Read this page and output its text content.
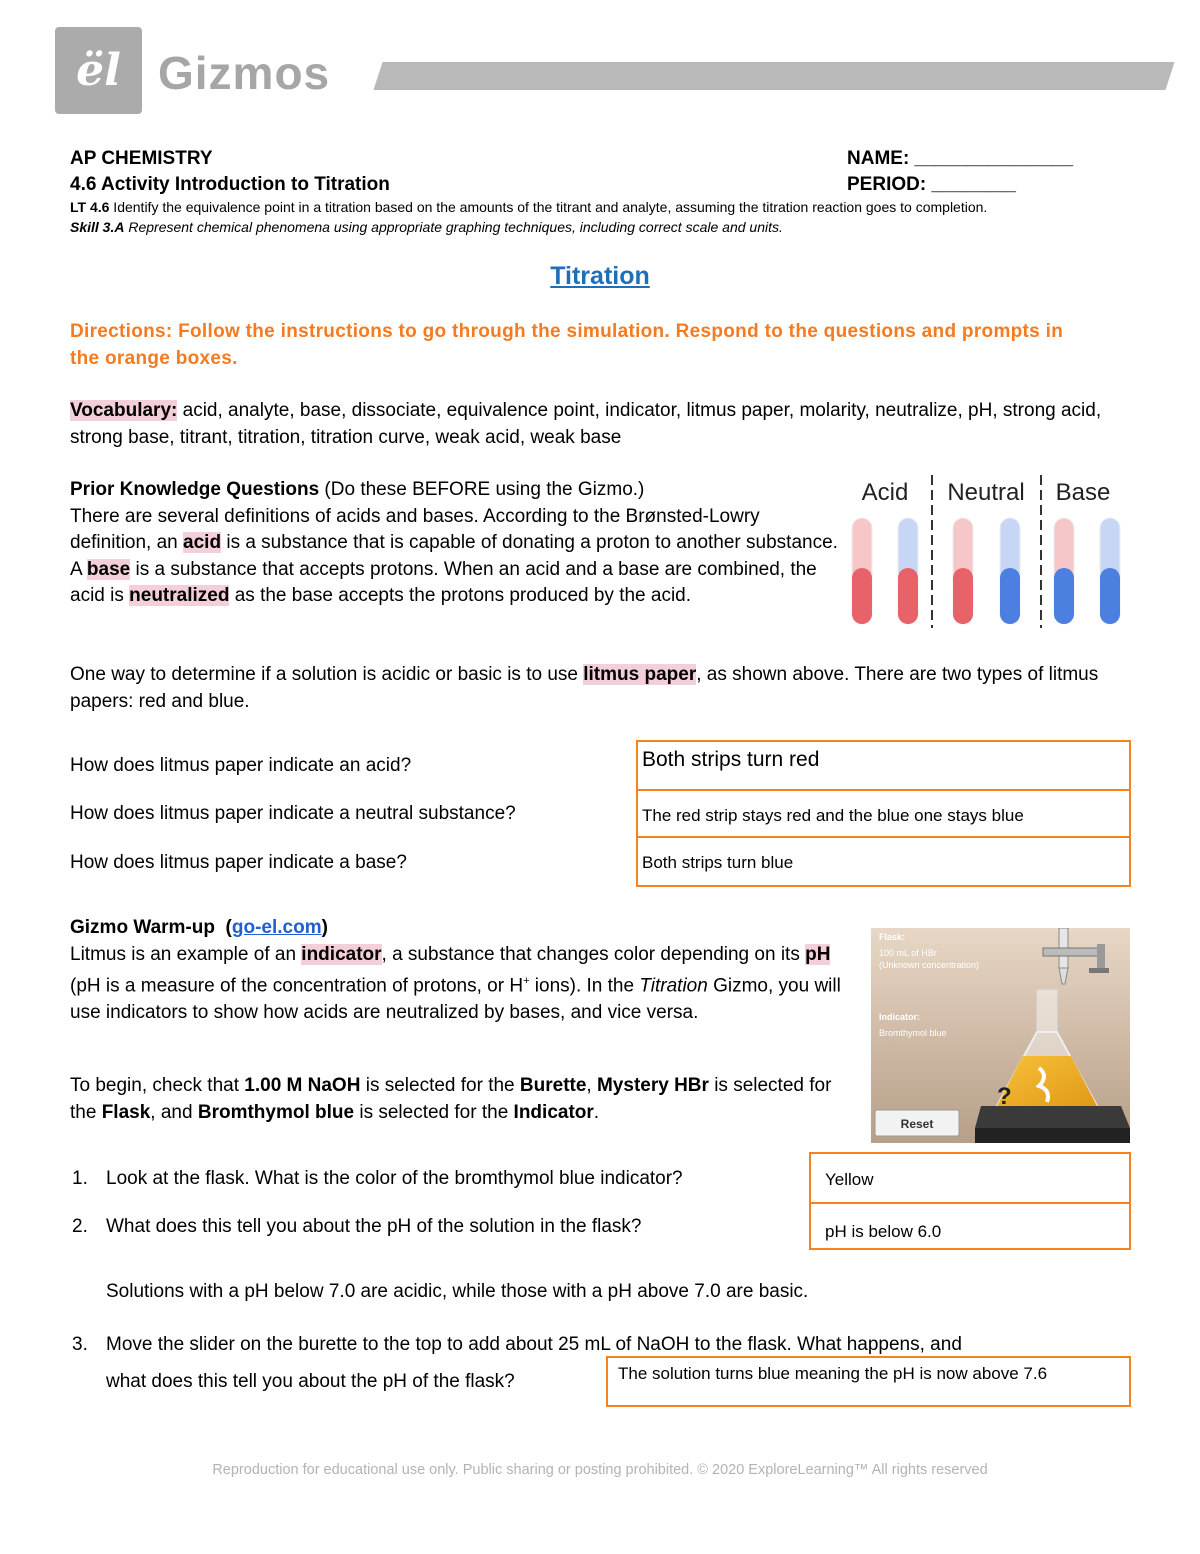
ël Gizmos
AP CHEMISTRY
4.6 Activity Introduction to Titration
NAME: _______________
PERIOD: ________
LT 4.6 Identify the equivalence point in a titration based on the amounts of the titrant and analyte, assuming the titration reaction goes to completion.
Skill 3.A Represent chemical phenomena using appropriate graphing techniques, including correct scale and units.
Titration
Directions: Follow the instructions to go through the simulation. Respond to the questions and prompts in the orange boxes.
Vocabulary: acid, analyte, base, dissociate, equivalence point, indicator, litmus paper, molarity, neutralize, pH, strong acid, strong base, titrant, titration, titration curve, weak acid, weak base
Prior Knowledge Questions (Do these BEFORE using the Gizmo.)
There are several definitions of acids and bases. According to the Brønsted-Lowry definition, an acid is a substance that is capable of donating a proton to another substance. A base is a substance that accepts protons. When an acid and a base are combined, the acid is neutralized as the base accepts the protons produced by the acid.
Acid Neutral Base
One way to determine if a solution is acidic or basic is to use litmus paper, as shown above. There are two types of litmus papers: red and blue.
How does litmus paper indicate an acid?
How does litmus paper indicate a neutral substance?
How does litmus paper indicate a base?
Both strips turn red
The red strip stays red and the blue one stays blue
Both strips turn blue
Gizmo Warm-up  (go-el.com)
Litmus is an example of an indicator, a substance that changes color depending on its pH (pH is a measure of the concentration of protons, or H+ ions). In the Titration Gizmo, you will use indicators to show how acids are neutralized by bases, and vice versa.
To begin, check that 1.00 M NaOH is selected for the Burette, Mystery HBr is selected for the Flask, and Bromthymol blue is selected for the Indicator.
Flask:
100 mL of HBr
(Unknown concentration)
Indicator:
Bromthymol blue
?
Reset
1. Look at the flask. What is the color of the bromthymol blue indicator?
2. What does this tell you about the pH of the solution in the flask?
Yellow
pH is below 6.0
Solutions with a pH below 7.0 are acidic, while those with a pH above 7.0 are basic.
3. Move the slider on the burette to the top to add about 25 mL of NaOH to the flask. What happens, and
what does this tell you about the pH of the flask?	The solution turns blue meaning the pH is now above 7.6
Reproduction for educational use only. Public sharing or posting prohibited. © 2020 ExploreLearning™ All rights reserved
